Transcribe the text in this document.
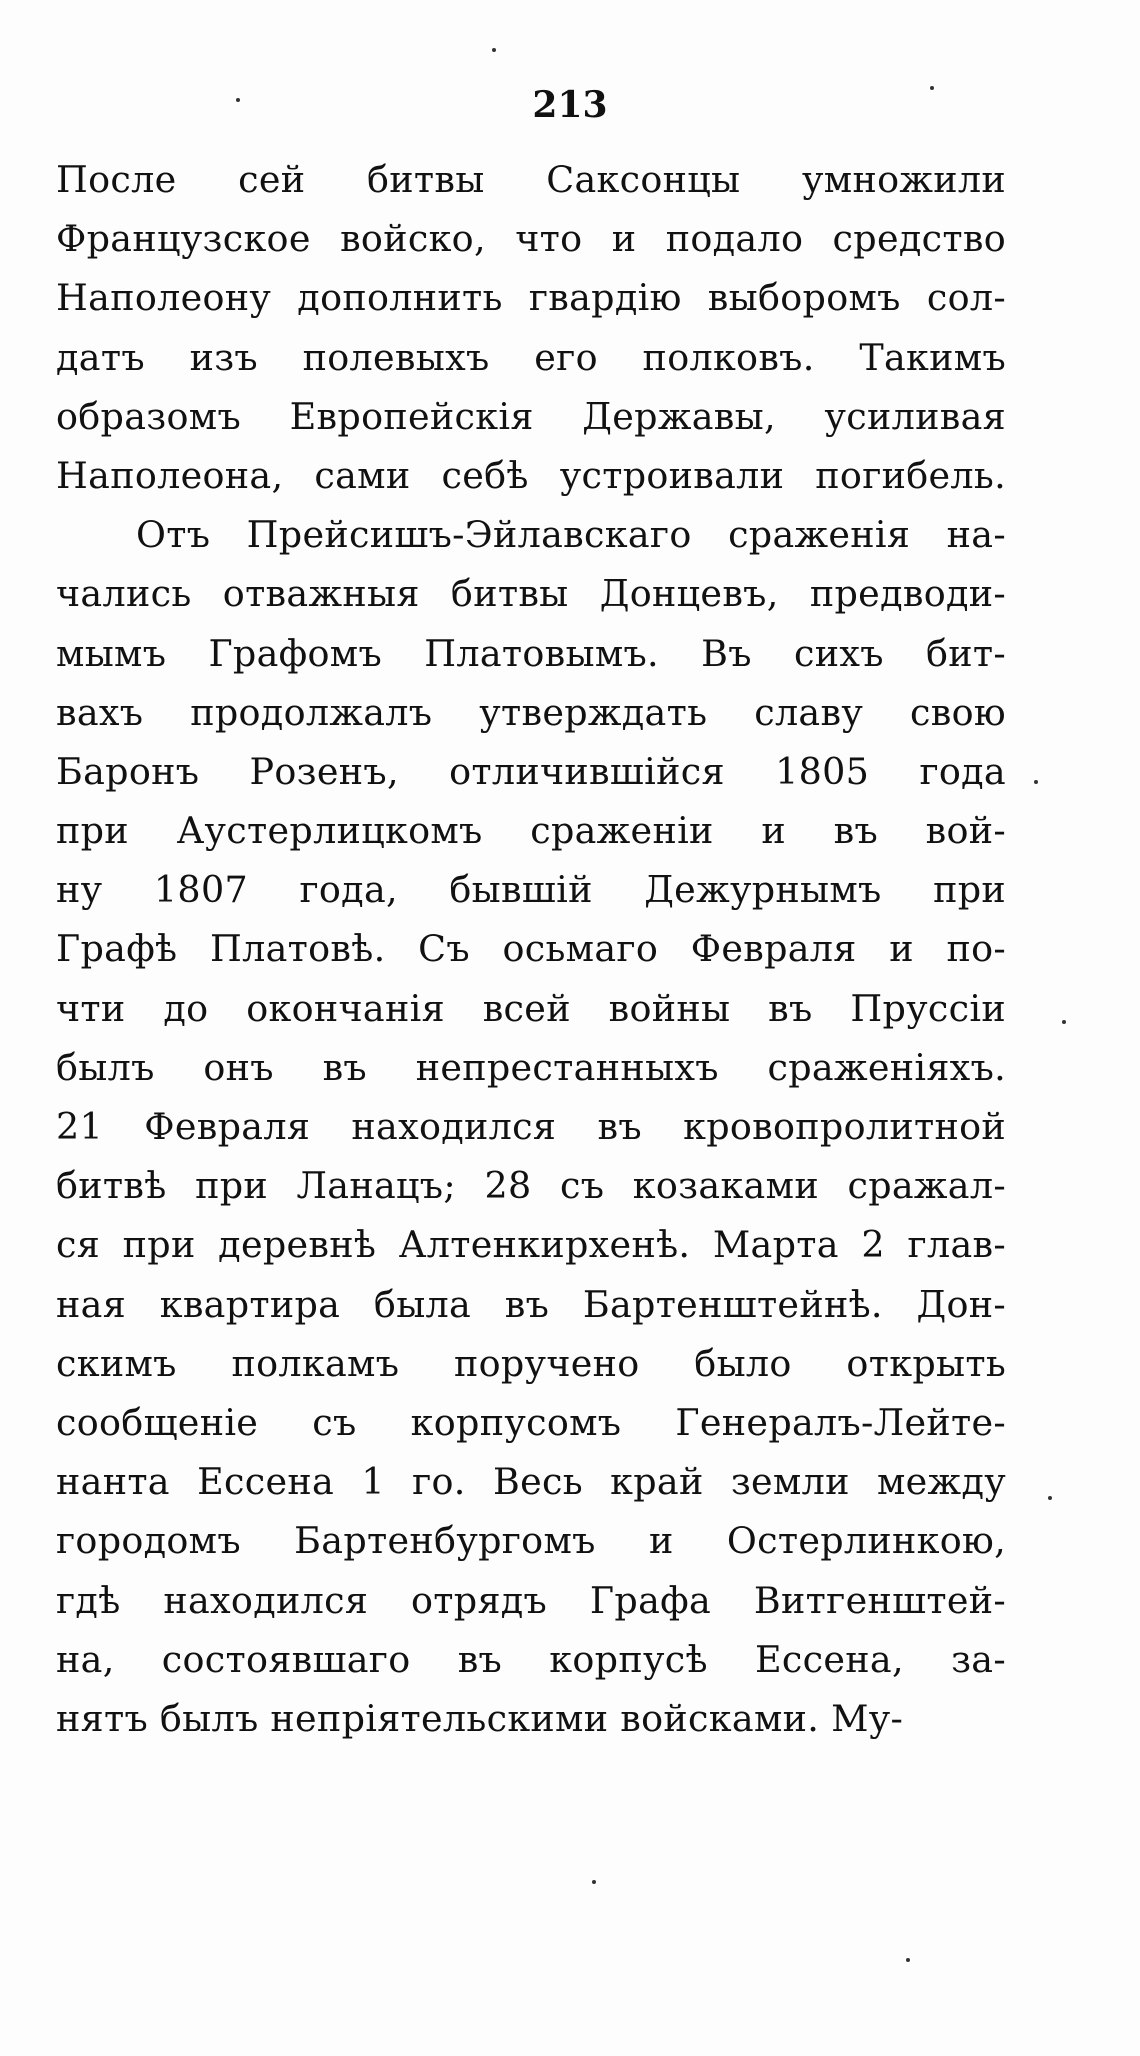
213
После сей битвы Саксонцы умножили
Французское войско, что и подало средство
Наполеону дополнить гвардію выборомъ сол-
датъ изъ полевыхъ его полковъ. Такимъ
образомъ Европейскія Державы, усиливая
Наполеона, сами себѣ устроивали погибель.
Отъ Прейсишъ-Эйлавскаго сраженія на-
чались отважныя битвы Донцевъ, предводи-
мымъ Графомъ Платовымъ. Въ сихъ бит-
вахъ продолжалъ утверждать славу свою
Баронъ Розенъ, отличившійся 1805 года
при Аустерлицкомъ сраженіи и въ вой-
ну 1807 года, бывшій Дежурнымъ при
Графѣ Платовѣ. Съ осьмаго Февраля и по-
чти до окончанія всей войны въ Пруссіи
былъ онъ въ непрестанныхъ сраженіяхъ.
21 Февраля находился въ кровопролитной
битвѣ при Ланацъ; 28 съ козаками сражал-
ся при деревнѣ Алтенкирхенѣ. Марта 2 глав-
ная квартира была въ Бартенштейнѣ. Дон-
скимъ полкамъ поручено было открыть
сообщеніе съ корпусомъ Генералъ-Лейте-
нанта Ессена 1 го. Весь край земли между
городомъ Бартенбургомъ и Остерлинкою,
гдѣ находился отрядъ Графа Витгенштей-
на, состоявшаго въ корпусѣ Ессена, за-
нятъ былъ непріятельскими войсками. Му-
